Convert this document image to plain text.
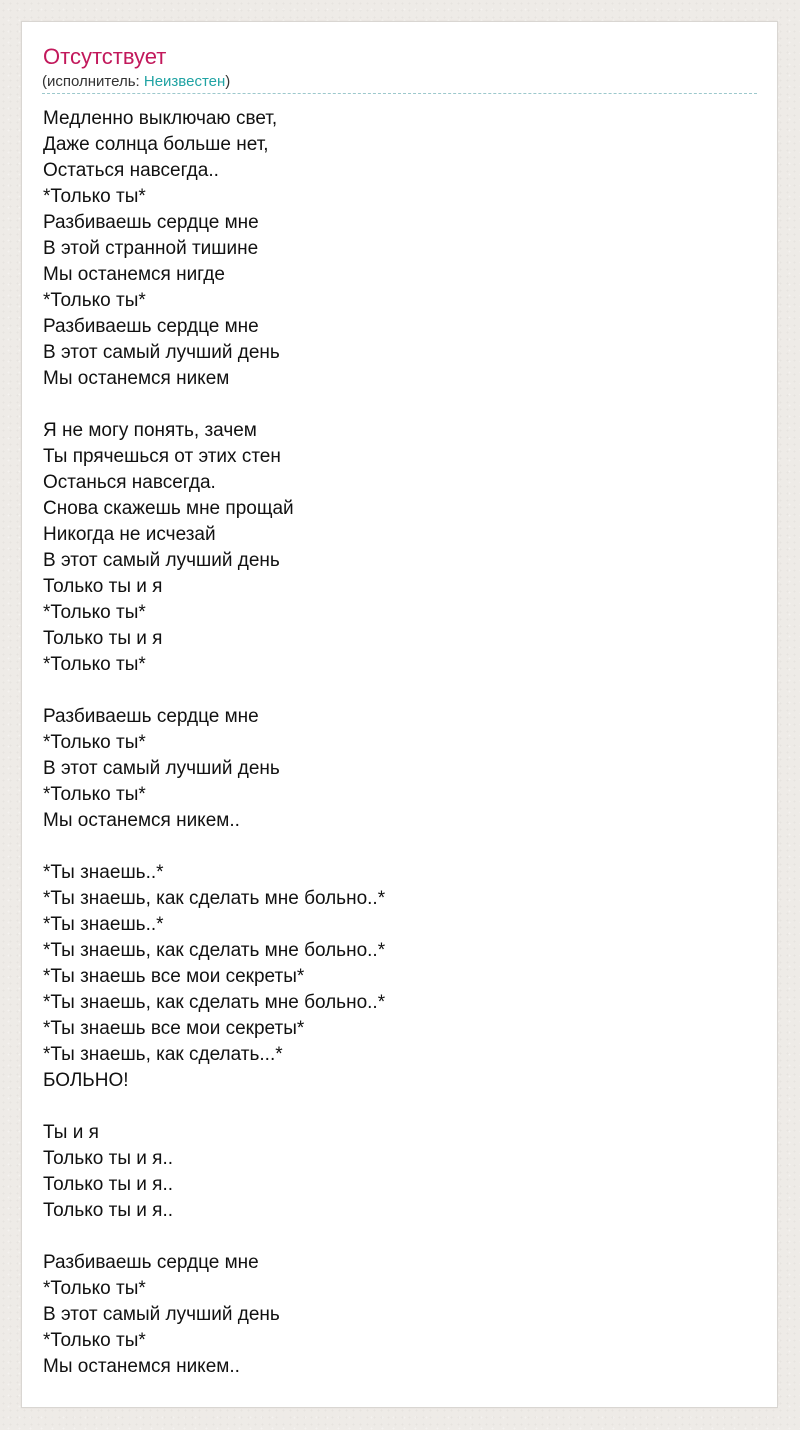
Отсутствует
(исполнитель: Неизвестен)
Медленно выключаю свет,
Даже солнца больше нет,
Остаться навсегда..
*Только ты*
Разбиваешь сердце мне
В этой странной тишине
Мы останемся нигде
*Только ты*
Разбиваешь сердце мне
В этот самый лучший день
Мы останемся никем
Я не могу понять, зачем
Ты прячешься от этих стен
Останься навсегда.
Снова скажешь мне прощай
Никогда не исчезай
В этот самый лучший день
Только ты и я
*Только ты*
Только ты и я
*Только ты*
Разбиваешь сердце мне
*Только ты*
В этот самый лучший день
*Только ты*
Мы останемся никем..
*Ты знаешь..*
*Ты знаешь, как сделать мне больно..*
*Ты знаешь..*
*Ты знаешь, как сделать мне больно..*
*Ты знаешь все мои секреты*
*Ты знаешь, как сделать мне больно..*
*Ты знаешь все мои секреты*
*Ты знаешь, как сделать...*
БОЛЬНО!
Ты и я
Только ты и я..
Только ты и я..
Только ты и я..
Разбиваешь сердце мне
*Только ты*
В этот самый лучший день
*Только ты*
Мы останемся никем..
